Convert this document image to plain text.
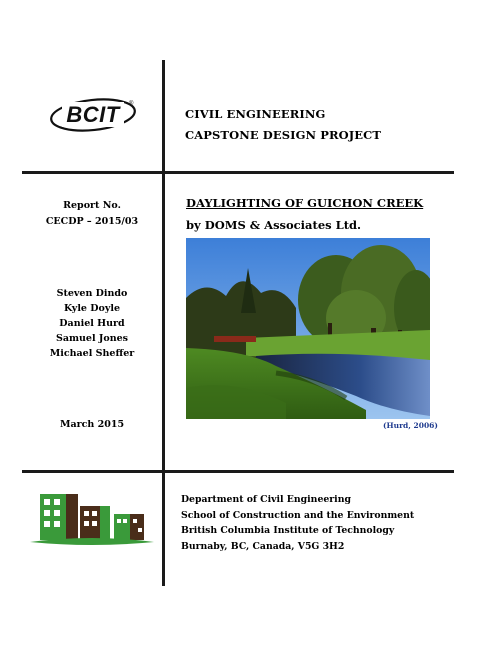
BCIT ®
CIVIL ENGINEERING
CAPSTONE DESIGN PROJECT
Report No.
CECDP – 2015/03
Steven Dindo
Kyle Doyle
Daniel Hurd
Samuel Jones
Michael Sheffer
March 2015
DAYLIGHTING OF GUICHON CREEK
by DOMS & Associates Ltd.
(Hurd, 2006)
Department of Civil Engineering
School of Construction and the Environment
British Columbia Institute of Technology
Burnaby, BC, Canada, V5G 3H2
